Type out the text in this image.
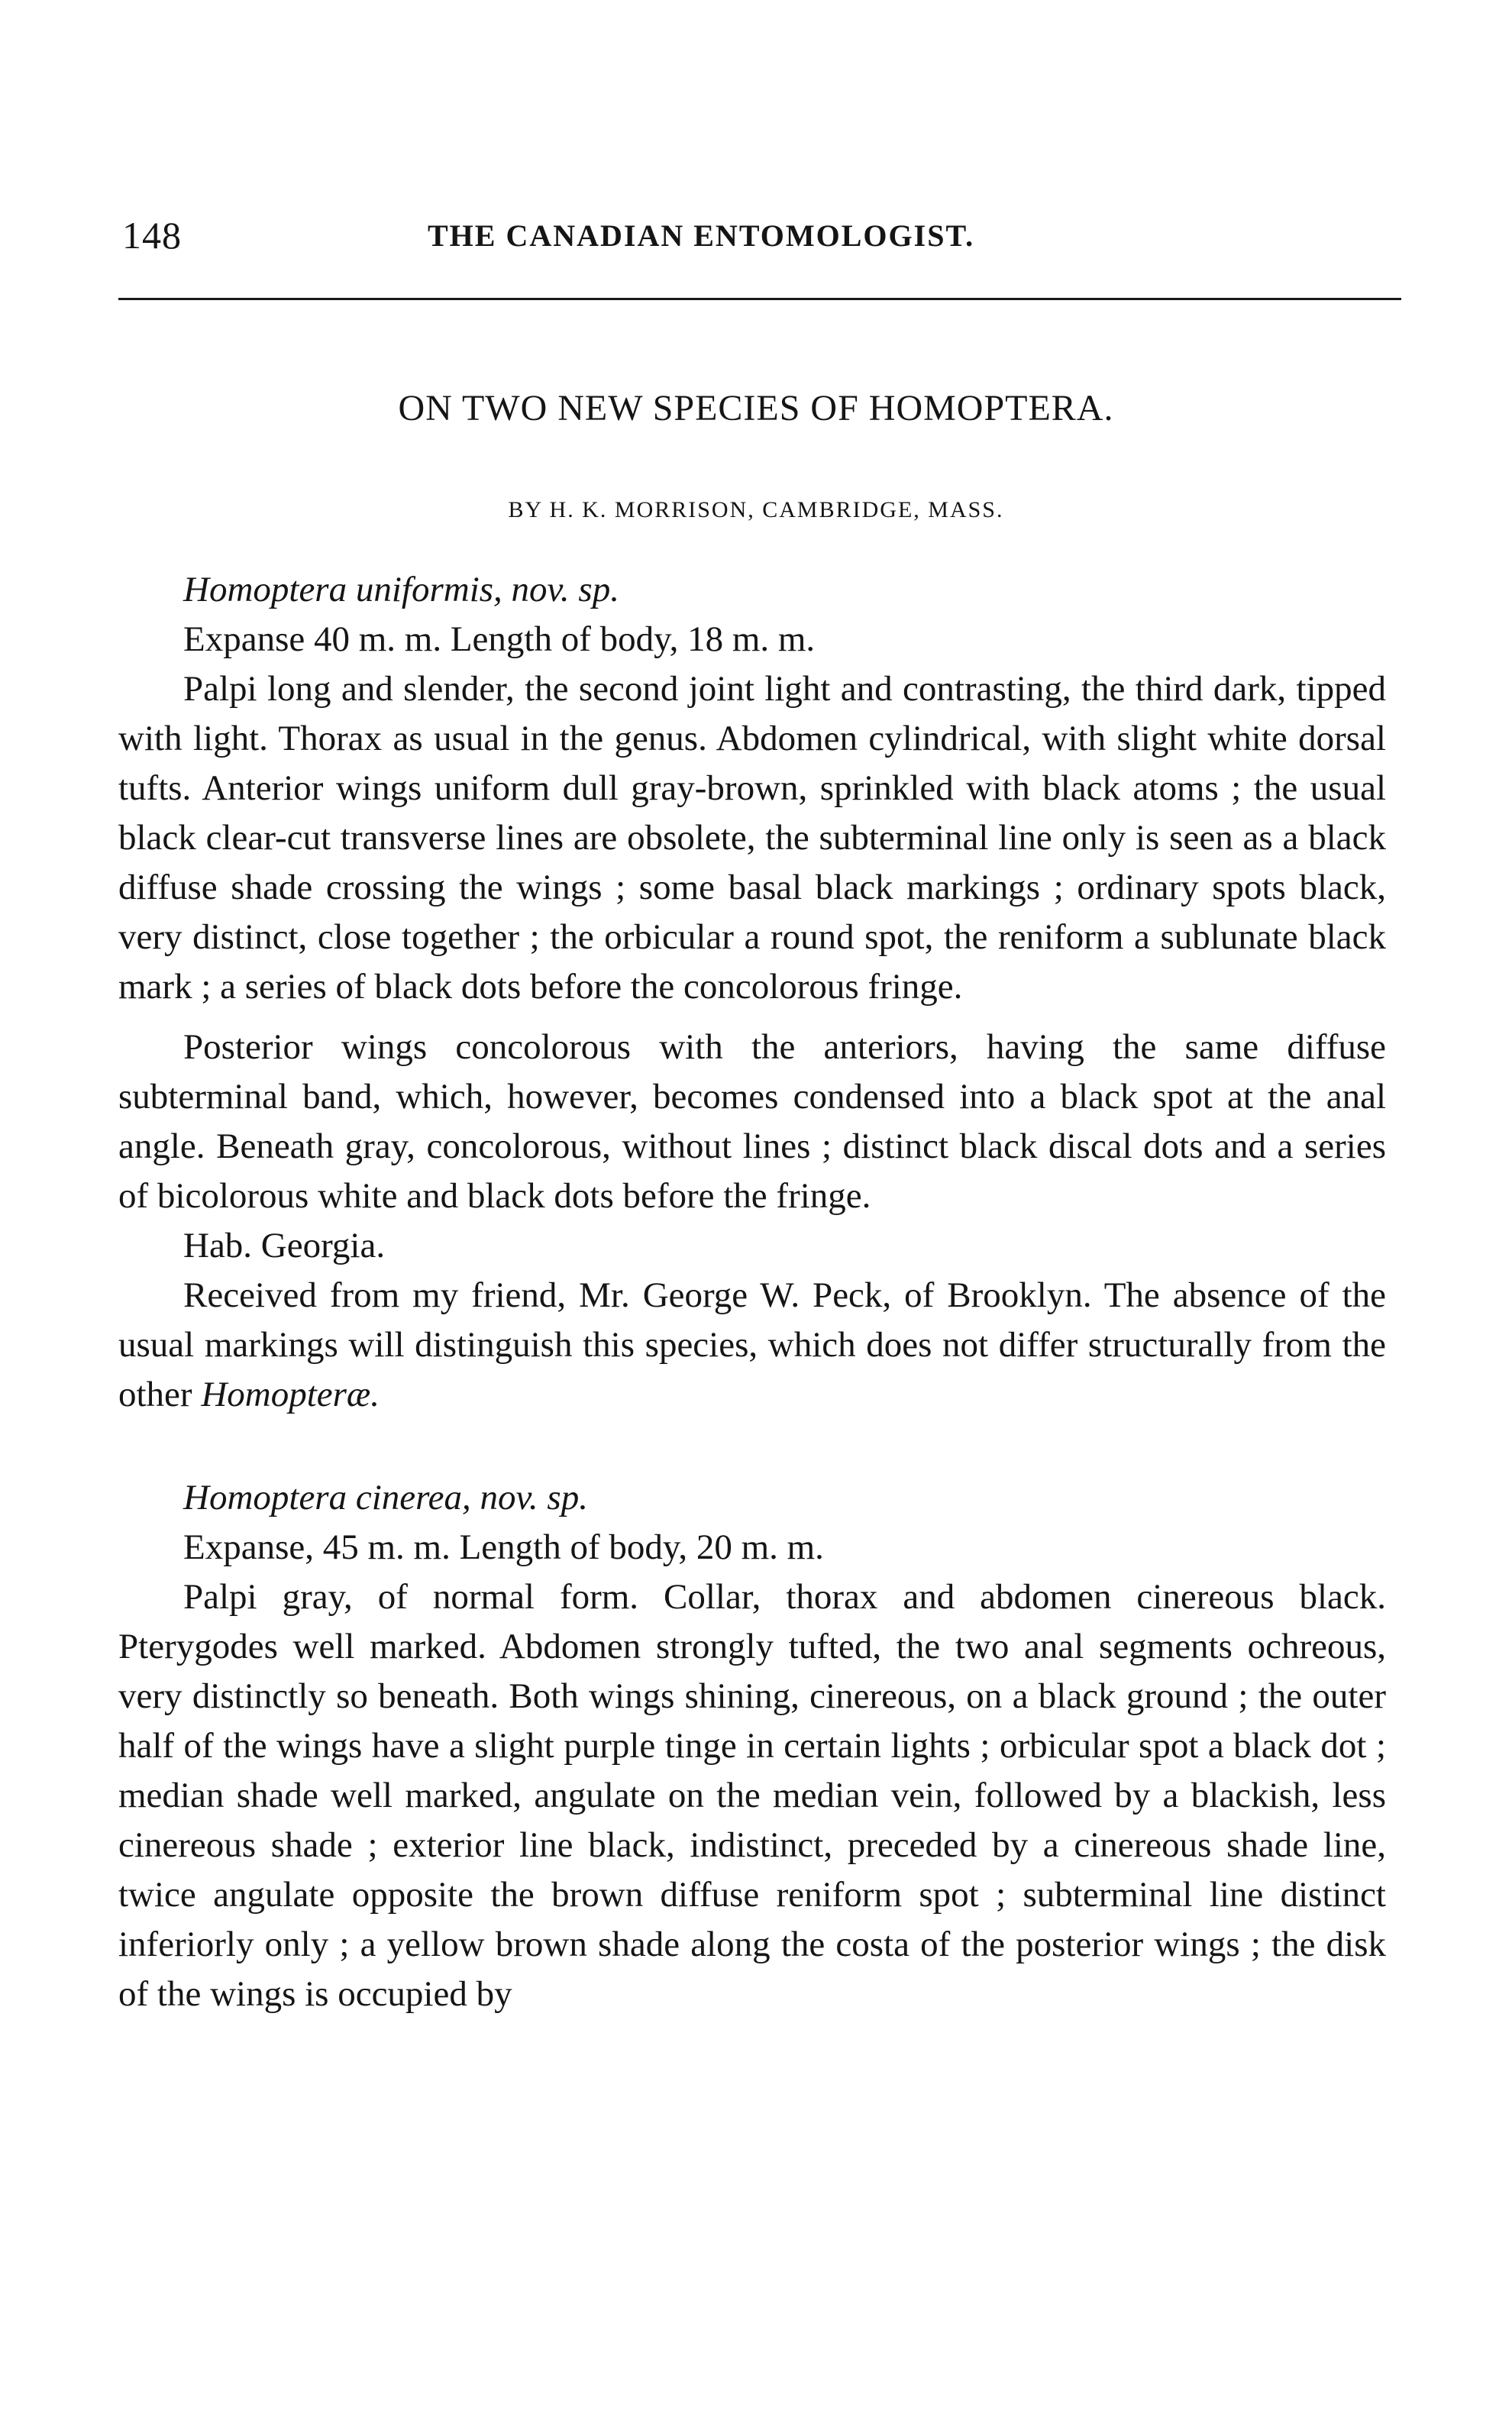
148	THE CANADIAN ENTOMOLOGIST.
ON TWO NEW SPECIES OF HOMOPTERA.
BY H. K. MORRISON, CAMBRIDGE, MASS.

Homoptera uniformis, nov. sp.

Expanse 40 m. m. Length of body, 18 m. m.

Palpi long and slender, the second joint light and contrasting, the third dark, tipped with light. Thorax as usual in the genus. Abdomen cylindrical, with slight white dorsal tufts. Anterior wings uniform dull gray-brown, sprinkled with black atoms ; the usual black clear-cut transverse lines are obsolete, the subterminal line only is seen as a black diffuse shade crossing the wings ; some basal black markings ; ordinary spots black, very distinct, close together ; the orbicular a round spot, the reniform a sublunate black mark ; a series of black dots before the concolorous fringe.

Posterior wings concolorous with the anteriors, having the same diffuse subterminal band, which, however, becomes condensed into a black spot at the anal angle. Beneath gray, concolorous, without lines ; distinct black discal dots and a series of bicolorous white and black dots before the fringe.

Hab. Georgia.

Received from my friend, Mr. George W. Peck, of Brooklyn. The absence of the usual markings will distinguish this species, which does not differ structurally from the other Homopteræ.

Homoptera cinerea, nov. sp.

Expanse, 45 m. m. Length of body, 20 m. m.

Palpi gray, of normal form. Collar, thorax and abdomen cinereous black. Pterygodes well marked. Abdomen strongly tufted, the two anal segments ochreous, very distinctly so beneath. Both wings shining, cinereous, on a black ground ; the outer half of the wings have a slight purple tinge in certain lights ; orbicular spot a black dot ; median shade well marked, angulate on the median vein, followed by a blackish, less cinereous shade ; exterior line black, indistinct, preceded by a cinereous shade line, twice angulate opposite the brown diffuse reniform spot ; subterminal line distinct inferiorly only ; a yellow brown shade along the costa of the posterior wings ; the disk of the wings is occupied by
